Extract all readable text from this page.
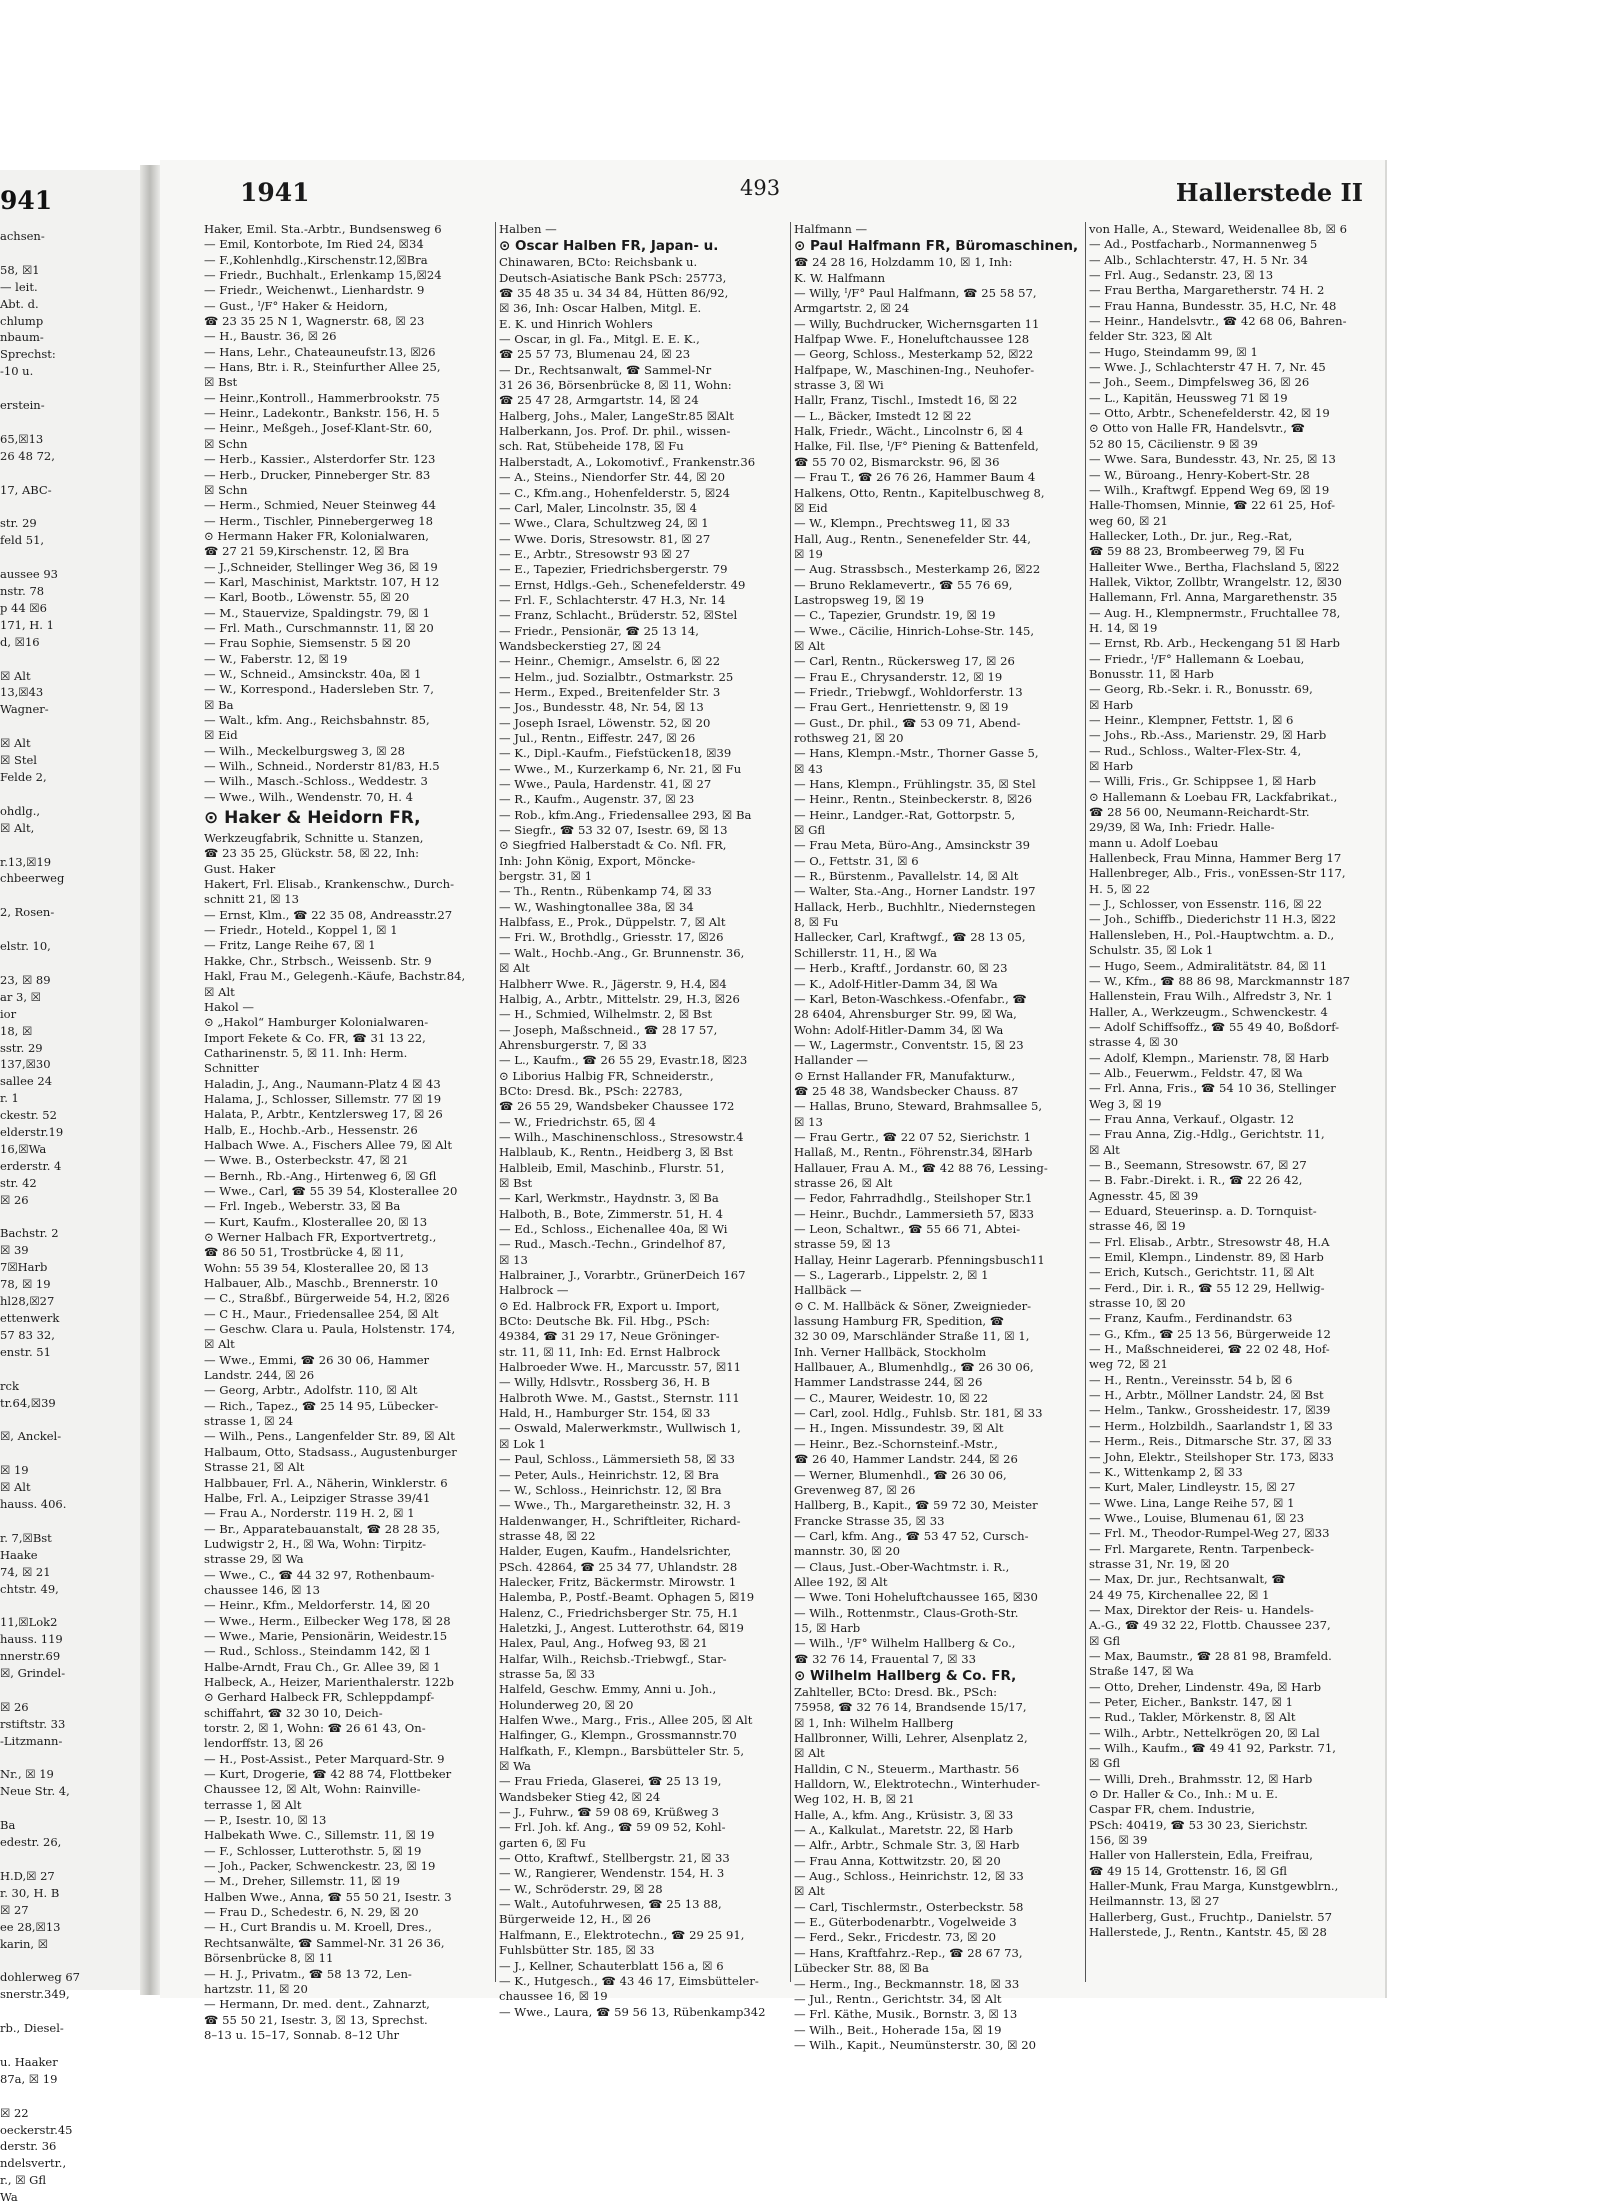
941
achsen-

58, ☒1
— leit.
Abt. d.
chlump
nbaum-
Sprechst:
-10 u.

erstein-

65,☒13
26 48 72,

17, ABC-

str. 29
feld 51,

aussee 93
nstr. 78
p 44 ☒6
171, H. 1
d, ☒16

☒ Alt
13,☒43
Wagner-

☒ Alt
☒ Stel
Felde 2,

ohdlg.,
☒ Alt,

r.13,☒19
chbeerweg

2, Rosen-

elstr. 10,

23, ☒ 89
ar 3, ☒
ior
18, ☒
sstr. 29
137,☒30
sallee 24
r. 1
ckestr. 52
elderstr.19
16,☒Wa
erderstr. 4
str. 42
☒ 26

Bachstr. 2
☒ 39
7☒Harb
78, ☒ 19
hl28,☒27
ettenwerk
57 83 32,
enstr. 51

rck
tr.64,☒39

☒, Anckel-

☒ 19
☒ Alt
hauss. 406.

r. 7,☒Bst
Haake
74, ☒ 21
chtstr. 49,

11,☒Lok2
hauss. 119
nnerstr.69
☒, Grindel-

☒ 26
rstiftstr. 33
-Litzmann-

Nr., ☒ 19
Neue Str. 4,

Ba
edestr. 26,

H.D,☒ 27
r. 30, H. B
☒ 27
ee 28,☒13
karin, ☒

dohlerweg 67
snerstr.349,

rb., Diesel-

u. Haaker
87a, ☒ 19

☒ 22
oeckerstr.45
derstr. 36
ndelsvertr.,
r., ☒ Gfl
Wa
1941	493	Hallerstede II
Haker, Emil. Sta.-Arbtr., Bundsensweg 6
— Emil, Kontorbote, Im Ried 24, ☒34
— F.,Kohlenhdlg.,Kirschenstr.12,☒Bra
— Friedr., Buchhalt., Erlenkamp 15,☒24
— Friedr., Weichenwt., Lienhardstr. 9
— Gust., ᴵ/F° Haker & Heidorn,
☎ 23 35 25 N 1, Wagnerstr. 68, ☒ 23
— H., Baustr. 36, ☒ 26
— Hans, Lehr., Chateauneufstr.13, ☒26
— Hans, Btr. i. R., Steinfurther Allee 25,
☒ Bst
— Heinr.,Kontroll., Hammerbrookstr. 75
— Heinr., Ladekontr., Bankstr. 156, H. 5
— Heinr., Meßgeh., Josef-Klant-Str. 60,
☒ Schn
— Herb., Kassier., Alsterdorfer Str. 123
— Herb., Drucker, Pinneberger Str. 83
☒ Schn
— Herm., Schmied, Neuer Steinweg 44
— Herm., Tischler, Pinnebergerweg 18
⊙ Hermann Haker FR, Kolonialwaren,
☎ 27 21 59,Kirschenstr. 12, ☒ Bra
— J.,Schneider, Stellinger Weg 36, ☒ 19
— Karl, Maschinist, Marktstr. 107, H 12
— Karl, Bootb., Löwenstr. 55, ☒ 20
— M., Stauervize, Spaldingstr. 79, ☒ 1
— Frl. Math., Curschmannstr. 11, ☒ 20
— Frau Sophie, Siemsenstr. 5 ☒ 20
— W., Faberstr. 12, ☒ 19
— W., Schneid., Amsinckstr. 40a, ☒ 1
— W., Korrespond., Hadersleben Str. 7,
☒ Ba
— Walt., kfm. Ang., Reichsbahnstr. 85,
☒ Eid
— Wilh., Meckelburgsweg 3, ☒ 28
— Wilh., Schneid., Norderstr 81/83, H.5
— Wilh., Masch.-Schloss., Weddestr. 3
— Wwe., Wilh., Wendenstr. 70, H. 4
⊙ Haker & Heidorn FR,
Werkzeugfabrik, Schnitte u. Stanzen,
☎ 23 35 25, Glückstr. 58, ☒ 22, Inh:
Gust. Haker
Hakert, Frl. Elisab., Krankenschw., Durch-
schnitt 21, ☒ 13
— Ernst, Klm., ☎ 22 35 08, Andreasstr.27
— Friedr., Hoteld., Koppel 1, ☒ 1
— Fritz, Lange Reihe 67, ☒ 1
Hakke, Chr., Strbsch., Weissenb. Str. 9
Hakl, Frau M., Gelegenh.-Käufe, Bachstr.84,
☒ Alt
Hakol —
⊙ „Hakol“ Hamburger Kolonialwaren-
Import Fekete & Co. FR, ☎ 31 13 22,
Catharinenstr. 5, ☒ 11. Inh: Herm.
Schnitter
Haladin, J., Ang., Naumann-Platz 4 ☒ 43
Halama, J., Schlosser, Sillemstr. 77 ☒ 19
Halata, P., Arbtr., Kentzlersweg 17, ☒ 26
Halb, E., Hochb.-Arb., Hessenstr. 26
Halbach Wwe. A., Fischers Allee 79, ☒ Alt
— Wwe. B., Osterbeckstr. 47, ☒ 21
— Bernh., Rb.-Ang., Hirtenweg 6, ☒ Gfl
— Wwe., Carl, ☎ 55 39 54, Klosterallee 20
— Frl. Ingeb., Weberstr. 33, ☒ Ba
— Kurt, Kaufm., Klosterallee 20, ☒ 13
⊙ Werner Halbach FR, Exportvertretg.,
☎ 86 50 51, Trostbrücke 4, ☒ 11,
Wohn: 55 39 54, Klosterallee 20, ☒ 13
Halbauer, Alb., Maschb., Brennerstr. 10
— C., Straßbf., Bürgerweide 54, H.2, ☒26
— C H., Maur., Friedensallee 254, ☒ Alt
— Geschw. Clara u. Paula, Holstenstr. 174,
☒ Alt
— Wwe., Emmi, ☎ 26 30 06, Hammer
Landstr. 244, ☒ 26
— Georg, Arbtr., Adolfstr. 110, ☒ Alt
— Rich., Tapez., ☎ 25 14 95, Lübecker-
strasse 1, ☒ 24
— Wilh., Pens., Langenfelder Str. 89, ☒ Alt
Halbaum, Otto, Stadsass., Augustenburger
Strasse 21, ☒ Alt
Halbbauer, Frl. A., Näherin, Winklerstr. 6
Halbe, Frl. A., Leipziger Strasse 39/41
— Frau A., Norderstr. 119 H. 2, ☒ 1
— Br., Apparatebauanstalt, ☎ 28 28 35,
Ludwigstr 2, H., ☒ Wa, Wohn: Tirpitz-
strasse 29, ☒ Wa
— Wwe., C., ☎ 44 32 97, Rothenbaum-
chaussee 146, ☒ 13
— Heinr., Kfm., Meldorferstr. 14, ☒ 20
— Wwe., Herm., Eilbecker Weg 178, ☒ 28
— Wwe., Marie, Pensionärin, Weidestr.15
— Rud., Schloss., Steindamm 142, ☒ 1
Halbe-Arndt, Frau Ch., Gr. Allee 39, ☒ 1
Halbeck, A., Heizer, Marienthalerstr. 122b
⊙ Gerhard Halbeck FR, Schleppdampf-
schiffahrt, ☎ 32 30 10, Deich-
torstr. 2, ☒ 1, Wohn: ☎ 26 61 43, On-
lendorffstr. 13, ☒ 26
— H., Post-Assist., Peter Marquard-Str. 9
— Kurt, Drogerie, ☎ 42 88 74, Flottbeker
Chaussee 12, ☒ Alt, Wohn: Rainville-
terrasse 1, ☒ Alt
— P., Isestr. 10, ☒ 13
Halbekath Wwe. C., Sillemstr. 11, ☒ 19
— F., Schlosser, Lutterothstr. 5, ☒ 19
— Joh., Packer, Schwenckestr. 23, ☒ 19
— M., Dreher, Sillemstr. 11, ☒ 19
Halben Wwe., Anna, ☎ 55 50 21, Isestr. 3
— Frau D., Schedestr. 6, N. 29, ☒ 20
— H., Curt Brandis u. M. Kroell, Dres.,
Rechtsanwälte, ☎ Sammel-Nr. 31 26 36,
Börsenbrücke 8, ☒ 11
— H. J., Privatm., ☎ 58 13 72, Len-
hartzstr. 11, ☒ 20
— Hermann, Dr. med. dent., Zahnarzt,
☎ 55 50 21, Isestr. 3, ☒ 13, Sprechst.
8–13 u. 15–17, Sonnab. 8–12 Uhr
Halben —
⊙ Oscar Halben FR, Japan- u.
Chinawaren, BCto: Reichsbank u.
Deutsch-Asiatische Bank PSch: 25773,
☎ 35 48 35 u. 34 34 84, Hütten 86/92,
☒ 36, Inh: Oscar Halben, Mitgl. E.
E. K. und Hinrich Wohlers
— Oscar, in gl. Fa., Mitgl. E. E. K.,
☎ 25 57 73, Blumenau 24, ☒ 23
— Dr., Rechtsanwalt, ☎ Sammel-Nr
31 26 36, Börsenbrücke 8, ☒ 11, Wohn:
☎ 25 47 28, Armgartstr. 14, ☒ 24
Halberg, Johs., Maler, LangeStr.85 ☒Alt
Halberkann, Jos. Prof. Dr. phil., wissen-
sch. Rat, Stübeheide 178, ☒ Fu
Halberstadt, A., Lokomotivf., Frankenstr.36
— A., Steins., Niendorfer Str. 44, ☒ 20
— C., Kfm.ang., Hohenfelderstr. 5, ☒24
— Carl, Maler, Lincolnstr. 35, ☒ 4
— Wwe., Clara, Schultzweg 24, ☒ 1
— Wwe. Doris, Stresowstr. 81, ☒ 27
— E., Arbtr., Stresowstr 93 ☒ 27
— E., Tapezier, Friedrichsbergerstr. 79
— Ernst, Hdlgs.-Geh., Schenefelderstr. 49
— Frl. F., Schlachterstr. 47 H.3, Nr. 14
— Franz, Schlacht., Brüderstr. 52, ☒Stel
— Friedr., Pensionär, ☎ 25 13 14,
Wandsbeckerstieg 27, ☒ 24
— Heinr., Chemigr., Amselstr. 6, ☒ 22
— Helm., jud. Sozialbtr., Ostmarkstr. 25
— Herm., Exped., Breitenfelder Str. 3
— Jos., Bundesstr. 48, Nr. 54, ☒ 13
— Joseph Israel, Löwenstr. 52, ☒ 20
— Jul., Rentn., Eiffestr. 247, ☒ 26
— K., Dipl.-Kaufm., Fiefstücken18, ☒39
— Wwe., M., Kurzerkamp 6, Nr. 21, ☒ Fu
— Wwe., Paula, Hardenstr. 41, ☒ 27
— R., Kaufm., Augenstr. 37, ☒ 23
— Rob., kfm.Ang., Friedensallee 293, ☒ Ba
— Siegfr., ☎ 53 32 07, Isestr. 69, ☒ 13
⊙ Siegfried Halberstadt & Co. Nfl. FR,
Inh: John König, Export, Mönckе-
bergstr. 31, ☒ 1
— Th., Rentn., Rübenkamp 74, ☒ 33
— W., Washingtonallee 38a, ☒ 34
Halbfass, E., Prok., Düppelstr. 7, ☒ Alt
— Fri. W., Brothdlg., Griesstr. 17, ☒26
— Walt., Hochb.-Ang., Gr. Brunnenstr. 36,
☒ Alt
Halbherr Wwe. R., Jägerstr. 9, H.4, ☒4
Halbig, A., Arbtr., Mittelstr. 29, H.3, ☒26
— H., Schmied, Wilhelmstr. 2, ☒ Bst
— Joseph, Maßschneid., ☎ 28 17 57,
Ahrensburgerstr. 7, ☒ 33
— L., Kaufm., ☎ 26 55 29, Evastr.18, ☒23
⊙ Liborius Halbig FR, Schneiderstr.,
BCto: Dresd. Bk., PSch: 22783,
☎ 26 55 29, Wandsbeker Chaussee 172
— W., Friedrichstr. 65, ☒ 4
— Wilh., Maschinenschloss., Stresowstr.4
Halblaub, K., Rentn., Heidberg 3, ☒ Bst
Halbleib, Emil, Maschinb., Flurstr. 51,
☒ Bst
— Karl, Werkmstr., Haydnstr. 3, ☒ Ba
Halboth, B., Bote, Zimmerstr. 51, H. 4
— Ed., Schloss., Eichenallee 40a, ☒ Wi
— Rud., Masch.-Techn., Grindelhof 87,
☒ 13
Halbrainer, J., Vorarbtr., GrünerDeich 167
Halbrock —
⊙ Ed. Halbrock FR, Export u. Import,
BCto: Deutsche Bk. Fil. Hbg., PSch:
49384, ☎ 31 29 17, Neue Gröninger-
str. 11, ☒ 11, Inh: Ed. Ernst Halbrock
Halbroeder Wwe. H., Marcusstr. 57, ☒11
— Willy, Hdlsvtr., Rossberg 36, H. B
Halbroth Wwe. M., Gastst., Sternstr. 111
Hald, H., Hamburger Str. 154, ☒ 33
— Oswald, Malerwerkmstr., Wullwisch 1,
☒ Lok 1
— Paul, Schloss., Lämmersieth 58, ☒ 33
— Peter, Auls., Heinrichstr. 12, ☒ Bra
— W., Schloss., Heinrichstr. 12, ☒ Bra
— Wwe., Th., Margaretheinstr. 32, H. 3
Haldenwanger, H., Schriftleiter, Richard-
strasse 48, ☒ 22
Halder, Eugen, Kaufm., Handelsrichter,
PSch. 42864, ☎ 25 34 77, Uhlandstr. 28
Halecker, Fritz, Bäckermstr. Mirowstr. 1
Halemba, P., Postf.-Beamt. Ophagen 5, ☒19
Halenz, C., Friedrichsberger Str. 75, H.1
Haletzki, J., Angest. Lutterothstr. 64, ☒19
Halex, Paul, Ang., Hofweg 93, ☒ 21
Halfar, Wilh., Reichsb.-Triebwgf., Star-
strasse 5a, ☒ 33
Halfeld, Geschw. Emmy, Anni u. Joh.,
Holunderweg 20, ☒ 20
Halfen Wwe., Marg., Fris., Allee 205, ☒ Alt
Halfinger, G., Klempn., Grossmannstr.70
Halfkath, F., Klempn., Barsbütteler Str. 5,
☒ Wa
— Frau Frieda, Glaserei, ☎ 25 13 19,
Wandsbeker Stieg 42, ☒ 24
— J., Fuhrw., ☎ 59 08 69, Krüßweg 3
— Frl. Joh. kf. Ang., ☎ 59 09 52, Kohl-
garten 6, ☒ Fu
— Otto, Kraftwf., Stellbergstr. 21, ☒ 33
— W., Rangierer, Wendenstr. 154, H. 3
— W., Schröderstr. 29, ☒ 28
— Walt., Autofuhrwesen, ☎ 25 13 88,
Bürgerweide 12, H., ☒ 26
Halfmann, E., Elektrotechn., ☎ 29 25 91,
Fuhlsbütter Str. 185, ☒ 33
— J., Kellner, Schauterblatt 156 a, ☒ 6
— K., Hutgesch., ☎ 43 46 17, Eimsbütteler-
chaussee 16, ☒ 19
— Wwe., Laura, ☎ 59 56 13, Rübenkamp342
Halfmann —
⊙ Paul Halfmann FR, Büromaschinen,
☎ 24 28 16, Holzdamm 10, ☒ 1, Inh:
K. W. Halfmann
— Willy, ᴵ/F° Paul Halfmann, ☎ 25 58 57,
Armgartstr. 2, ☒ 24
— Willy, Buchdrucker, Wichernsgarten 11
Halfpap Wwe. F., Honeluftchaussee 128
— Georg, Schloss., Mesterkamp 52, ☒22
Halfpape, W., Maschinen-Ing., Neuhofer-
strasse 3, ☒ Wi
Hallr, Franz, Tischl., Imstedt 16, ☒ 22
— L., Bäcker, Imstedt 12 ☒ 22
Halk, Friedr., Wächt., Lincolnstr 6, ☒ 4
Halke, Fil. Ilse, ᴵ/F° Piening & Battenfeld,
☎ 55 70 02, Bismarckstr. 96, ☒ 36
— Frau T., ☎ 26 76 26, Hammer Baum 4
Halkens, Otto, Rentn., Kapitelbuschweg 8,
☒ Eid
— W., Klempn., Prechtsweg 11, ☒ 33
Hall, Aug., Rentn., Senenefelder Str. 44,
☒ 19
— Aug. Strassbsch., Mesterkamp 26, ☒22
— Bruno Reklamevertr., ☎ 55 76 69,
Lastropsweg 19, ☒ 19
— C., Tapezier, Grundstr. 19, ☒ 19
— Wwe., Cäcilie, Hinrich-Lohse-Str. 145,
☒ Alt
— Carl, Rentn., Rückersweg 17, ☒ 26
— Frau E., Chrysanderstr. 12, ☒ 19
— Friedr., Triebwgf., Wohldorferstr. 13
— Frau Gert., Henriettenstr. 9, ☒ 19
— Gust., Dr. phil., ☎ 53 09 71, Abend-
rothsweg 21, ☒ 20
— Hans, Klempn.-Mstr., Thorner Gasse 5,
☒ 43
— Hans, Klempn., Frühlingstr. 35, ☒ Stel
— Heinr., Rentn., Steinbeckerstr. 8, ☒26
— Heinr., Landger.-Rat, Gottorpstr. 5,
☒ Gfl
— Frau Meta, Büro-Ang., Amsinckstr 39
— O., Fettstr. 31, ☒ 6
— R., Bürstenm., Pavallelstr. 14, ☒ Alt
— Walter, Sta.-Ang., Horner Landstr. 197
Hallack, Herb., Buchhltr., Niedernstegen
8, ☒ Fu
Hallecker, Carl, Kraftwgf., ☎ 28 13 05,
Schillerstr. 11, H., ☒ Wa
— Herb., Kraftf., Jordanstr. 60, ☒ 23
— K., Adolf-Hitler-Damm 34, ☒ Wa
— Karl, Beton-Waschkess.-Ofenfabr., ☎
28 6404, Ahrensburger Str. 99, ☒ Wa,
Wohn: Adolf-Hitler-Damm 34, ☒ Wa
— W., Lagermstr., Conventstr. 15, ☒ 23
Hallander —
⊙ Ernst Hallander FR, Manufakturw.,
☎ 25 48 38, Wandsbecker Chauss. 87
— Hallas, Bruno, Steward, Brahmsallee 5,
☒ 13
— Frau Gertr., ☎ 22 07 52, Sierichstr. 1
Hallaß, M., Rentn., Föhrenstr.34, ☒Harb
Hallauer, Frau A. M., ☎ 42 88 76, Lessing-
strasse 26, ☒ Alt
— Fedor, Fahrradhdlg., Steilshoper Str.1
— Heinr., Buchdr., Lammersieth 57, ☒33
— Leon, Schaltwr., ☎ 55 66 71, Abtei-
strasse 59, ☒ 13
Hallay, Heinr Lagerarb. Pfenningsbusch11
— S., Lagerarb., Lippelstr. 2, ☒ 1
Hallbäck —
⊙ C. M. Hallbäck & Söner, Zweignieder-
lassung Hamburg FR, Spedition, ☎
32 30 09, Marschländer Straße 11, ☒ 1,
Inh. Verner Hallbäck, Stockholm
Hallbauer, A., Blumenhdlg., ☎ 26 30 06,
Hammer Landstrasse 244, ☒ 26
— C., Maurer, Weidestr. 10, ☒ 22
— Carl, zool. Hdlg., Fuhlsb. Str. 181, ☒ 33
— H., Ingen. Missundestr. 39, ☒ Alt
— Heinr., Bez.-Schornsteinf.-Mstr.,
☎ 26 40, Hammer Landstr. 244, ☒ 26
— Werner, Blumenhdl., ☎ 26 30 06,
Grevenweg 87, ☒ 26
Hallberg, B., Kapit., ☎ 59 72 30, Meister
Francke Strasse 35, ☒ 33
— Carl, kfm. Ang., ☎ 53 47 52, Cursch-
mannstr. 30, ☒ 20
— Claus, Just.-Ober-Wachtmstr. i. R.,
Allee 192, ☒ Alt
— Wwe. Toni Hoheluftchaussee 165, ☒30
— Wilh., Rottenmstr., Claus-Groth-Str.
15, ☒ Harb
— Wilh., ᴵ/F° Wilhelm Hallberg & Co.,
☎ 32 76 14, Frauental 7, ☒ 33
⊙ Wilhelm Hallberg & Co. FR,
Zahlteller, BCto: Dresd. Bk., PSch:
75958, ☎ 32 76 14, Brandsende 15/17,
☒ 1, Inh: Wilhelm Hallberg
Hallbronner, Willi, Lehrer, Alsenplatz 2,
☒ Alt
Halldin, C N., Steuerm., Marthastr. 56
Halldorn, W., Elektrotechn., Winterhuder-
Weg 102, H. B, ☒ 21
Halle, A., kfm. Ang., Krüsistr. 3, ☒ 33
— A., Kalkulat., Maretstr. 22, ☒ Harb
— Alfr., Arbtr., Schmale Str. 3, ☒ Harb
— Frau Anna, Kottwitzstr. 20, ☒ 20
— Aug., Schloss., Heinrichstr. 12, ☒ 33
☒ Alt
— Carl, Tischlermstr., Osterbeckstr. 58
— E., Güterbodenarbtr., Vogelweide 3
— Ferd., Sekr., Fricdestr. 73, ☒ 20
— Hans, Kraftfahrz.-Rep., ☎ 28 67 73,
Lübecker Str. 88, ☒ Ba
— Herm., Ing., Beckmannstr. 18, ☒ 33
— Jul., Rentn., Gerichtstr. 34, ☒ Alt
— Frl. Käthe, Musik., Bornstr. 3, ☒ 13
— Wilh., Beit., Hoherade 15a, ☒ 19
— Wilh., Kapit., Neumünsterstr. 30, ☒ 20
von Halle, A., Steward, Weidenallee 8b, ☒ 6
— Ad., Postfacharb., Normannenweg 5
— Alb., Schlachterstr. 47, H. 5 Nr. 34
— Frl. Aug., Sedanstr. 23, ☒ 13
— Frau Bertha, Margaretherstr. 74 H. 2
— Frau Hanna, Bundesstr. 35, H.C, Nr. 48
— Heinr., Handelsvtr., ☎ 42 68 06, Bahren-
felder Str. 323, ☒ Alt
— Hugo, Steindamm 99, ☒ 1
— Wwe. J., Schlachterstr 47 H. 7, Nr. 45
— Joh., Seem., Dimpfelsweg 36, ☒ 26
— L., Kapitän, Heussweg 71 ☒ 19
— Otto, Arbtr., Schenefelderstr. 42, ☒ 19
⊙ Otto von Halle FR, Handelsvtr., ☎
52 80 15, Cäcilienstr. 9 ☒ 39
— Wwe. Sara, Bundesstr. 43, Nr. 25, ☒ 13
— W., Büroang., Henry-Kobert-Str. 28
— Wilh., Kraftwgf. Eppend Weg 69, ☒ 19
Halle-Thomsen, Minnie, ☎ 22 61 25, Hof-
weg 60, ☒ 21
Hallecker, Loth., Dr. jur., Reg.-Rat,
☎ 59 88 23, Brombeerweg 79, ☒ Fu
Halleiter Wwe., Bertha, Flachsland 5, ☒22
Hallek, Viktor, Zollbtr, Wrangelstr. 12, ☒30
Hallemann, Frl. Anna, Margarethenstr. 35
— Aug. H., Klempnermstr., Fruchtallee 78,
H. 14, ☒ 19
— Ernst, Rb. Arb., Heckengang 51 ☒ Harb
— Friedr., ᴵ/F° Hallemann & Loebau,
Bonusstr. 11, ☒ Harb
— Georg, Rb.-Sekr. i. R., Bonusstr. 69,
☒ Harb
— Heinr., Klempner, Fettstr. 1, ☒ 6
— Johs., Rb.-Ass., Marienstr. 29, ☒ Harb
— Rud., Schloss., Walter-Flex-Str. 4,
☒ Harb
— Willi, Fris., Gr. Schippsee 1, ☒ Harb
⊙ Hallemann & Loebau FR, Lackfabrikat.,
☎ 28 56 00, Neumann-Reichardt-Str.
29/39, ☒ Wa, Inh: Friedr. Halle-
mann u. Adolf Loebau
Hallenbeck, Frau Minna, Hammer Berg 17
Hallenbreger, Alb., Fris., vonEssen-Str 117,
H. 5, ☒ 22
— J., Schlosser, von Essenstr. 116, ☒ 22
— Joh., Schiffb., Diederichstr 11 H.3, ☒22
Hallensleben, H., Pol.-Hauptwchtm. a. D.,
Schulstr. 35, ☒ Lok 1
— Hugo, Seem., Admiralitätstr. 84, ☒ 11
— W., Kfm., ☎ 88 86 98, Marckmannstr 187
Hallenstein, Frau Wilh., Alfredstr 3, Nr. 1
Haller, A., Werkzeugm., Schwenckestr. 4
— Adolf Schiffsoffz., ☎ 55 49 40, Boßdorf-
strasse 4, ☒ 30
— Adolf, Klempn., Marienstr. 78, ☒ Harb
— Alb., Feuerwm., Feldstr. 47, ☒ Wa
— Frl. Anna, Fris., ☎ 54 10 36, Stellinger
Weg 3, ☒ 19
— Frau Anna, Verkauf., Olgastr. 12
— Frau Anna, Zig.-Hdlg., Gerichtstr. 11,
☒ Alt
— B., Seemann, Stresowstr. 67, ☒ 27
— B. Fabr.-Direkt. i. R., ☎ 22 26 42,
Agnesstr. 45, ☒ 39
— Eduard, Steuerinsp. a. D. Tornquist-
strasse 46, ☒ 19
— Frl. Elisab., Arbtr., Stresowstr 48, H.A
— Emil, Klempn., Lindenstr. 89, ☒ Harb
— Erich, Kutsch., Gerichtstr. 11, ☒ Alt
— Ferd., Dir. i. R., ☎ 55 12 29, Hellwig-
strasse 10, ☒ 20
— Franz, Kaufm., Ferdinandstr. 63
— G., Kfm., ☎ 25 13 56, Bürgerweide 12
— H., Maßschneiderei, ☎ 22 02 48, Hof-
weg 72, ☒ 21
— H., Rentn., Vereinsstr. 54 b, ☒ 6
— H., Arbtr., Möllner Landstr. 24, ☒ Bst
— Helm., Tankw., Grossheidestr. 17, ☒39
— Herm., Holzbildh., Saarlandstr 1, ☒ 33
— Herm., Reis., Ditmarsche Str. 37, ☒ 33
— John, Elektr., Steilshoper Str. 173, ☒33
— K., Wittenkamp 2, ☒ 33
— Kurt, Maler, Lindleystr. 15, ☒ 27
— Wwe. Lina, Lange Reihe 57, ☒ 1
— Wwe., Louise, Blumenau 61, ☒ 23
— Frl. M., Theodor-Rumpel-Weg 27, ☒33
— Frl. Margarete, Rentn. Tarpenbeck-
strasse 31, Nr. 19, ☒ 20
— Max, Dr. jur., Rechtsanwalt, ☎
24 49 75, Kirchenallee 22, ☒ 1
— Max, Direktor der Reis- u. Handels-
A.-G., ☎ 49 32 22, Flottb. Chaussee 237,
☒ Gfl
— Max, Baumstr., ☎ 28 81 98, Bramfeld.
Straße 147, ☒ Wa
— Otto, Dreher, Lindenstr. 49a, ☒ Harb
— Peter, Eicher., Bankstr. 147, ☒ 1
— Rud., Takler, Mörkenstr. 8, ☒ Alt
— Wilh., Arbtr., Nettelkrögen 20, ☒ Lal
— Wilh., Kaufm., ☎ 49 41 92, Parkstr. 71,
☒ Gfl
— Willi, Dreh., Brahmsstr. 12, ☒ Harb
⊙ Dr. Haller & Co., Inh.: M u. E.
Caspar FR, chem. Industrie,
PSch: 40419, ☎ 53 30 23, Sierichstr.
156, ☒ 39
Haller von Hallerstein, Edla, Freifrau,
☎ 49 15 14, Grottenstr. 16, ☒ Gfl
Haller-Munk, Frau Marga, Kunstgewblrn.,
Heilmannstr. 13, ☒ 27
Hallerberg, Gust., Fruchtp., Danielstr. 57
Hallerstede, J., Rentn., Kantstr. 45, ☒ 28
